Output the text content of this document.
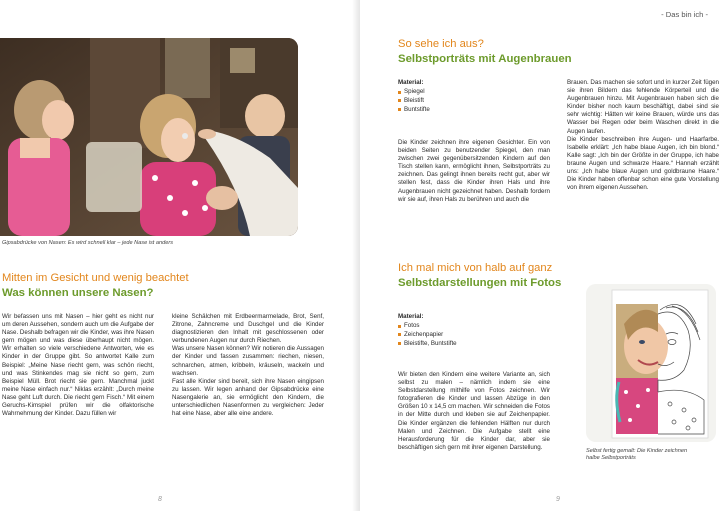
Gipsabdrücke von Nasen: Es wird schnell klar – jede Nase ist anders
Mitten im Gesicht und wenig beachtet
Was können unsere Nasen?

Wir befassen uns mit Nasen – hier geht es nicht nur um deren Aussehen, sondern auch um die Aufgabe der Nase. Deshalb befragen wir die Kinder, was ihre Nasen gern mögen und was diese überhaupt nicht mögen. Wir erhalten so viele verschiedene Antworten, wie es Kinder in der Gruppe gibt. So antwortet Kalle zum Beispiel: „Meine Nase riecht gern, was schön riecht, und was Stinkendes mag sie nicht so gern, zum Beispiel Müll. Brot riecht sie gern. Manchmal juckt meine Nase einfach nur.“ Niklas erzählt: „Durch meine Nase geht Luft durch. Die riecht gern Fisch.“ Mit einem Geruchs-Kimspiel prüfen wir die olfaktorische Wahrnehmung der Kinder. Dazu füllen wir

kleine Schälchen mit Erdbeermarmelade, Brot, Senf, Zitrone, Zahncreme und Duschgel und die Kinder diagnostizieren den Inhalt mit geschlossenen oder verbundenen Augen nur durch Riechen.

Was unsere Nasen können? Wir notieren die Aussagen der Kinder und fassen zusammen: riechen, niesen, schnarchen, atmen, kribbeln, kräuseln, wackeln und wachsen.

Fast alle Kinder sind bereit, sich ihre Nasen eingipsen zu lassen. Wir legen anhand der Gipsabdrücke eine Nasengalerie an, sie ermöglicht den Kindern, die unterschiedlichen Nasenformen zu vergleichen: Jeder hat eine Nase, aber alle eine andere.

8
- Das bin ich -
So sehe ich aus?
Selbstporträts mit Augenbrauen
Material:
Spiegel
Bleistift
Buntstifte

Die Kinder zeichnen ihre eigenen Gesichter. Ein von beiden Seiten zu benutzender Spiegel, den man zwischen zwei gegenübersitzenden Kindern auf den Tisch stellen kann, ermöglicht ihnen, Selbstporträts zu zeichnen. Das gelingt ihnen bereits recht gut, aber wir stellen fest, dass die Kinder ihren Hals und ihre Augenbrauen nicht gezeichnet haben. Deshalb fordern wir sie auf, ihren Hals zu berühren und auch die

Brauen. Das machen sie sofort und in kurzer Zeit fügen sie ihren Bildern das fehlende Körperteil und die Augenbrauen hinzu. Mit Augenbrauen haben sich die Kinder bisher noch kaum beschäftigt, dabei sind sie sehr wichtig: Hätten wir keine Brauen, würde uns das Wasser bei Regen oder beim Waschen direkt in die Augen laufen.

Die Kinder beschreiben ihre Augen- und Haarfarbe. Isabelle erklärt: „Ich habe blaue Augen, ich bin blond.“ Kalle sagt: „Ich bin der Größte in der Gruppe, ich habe braune Augen und schwarze Haare.“ Hannah erzählt uns: „Ich habe blaue Augen und goldbraune Haare.“ Die Kinder haben offenbar schon eine gute Vorstellung von ihrem eigenen Aussehen.

Ich mal mich von halb auf ganz
Selbstdarstellungen mit Fotos
Material:
Fotos
Zeichenpapier
Bleistifte, Buntstifte

Wir bieten den Kindern eine weitere Variante an, sich selbst zu malen – nämlich indem sie eine Selbstdarstellung mithilfe von Fotos zeichnen. Wir fotografieren die Kinder und lassen Abzüge in den Größen 10 x 14,5 cm machen. Wir schneiden die Fotos in der Mitte durch und kleben sie auf Zeichenpapier. Die Kinder ergänzen die fehlenden Hälften nur durch Malen und Zeichnen. Die Aufgabe stellt eine Herausforderung für die Kinder dar, aber sie beschäftigen sich gern mit ihrer eigenen Darstellung.

Selbst fertig gemalt: Die Kinder zeichnen
halbe Selbstporträts
9
